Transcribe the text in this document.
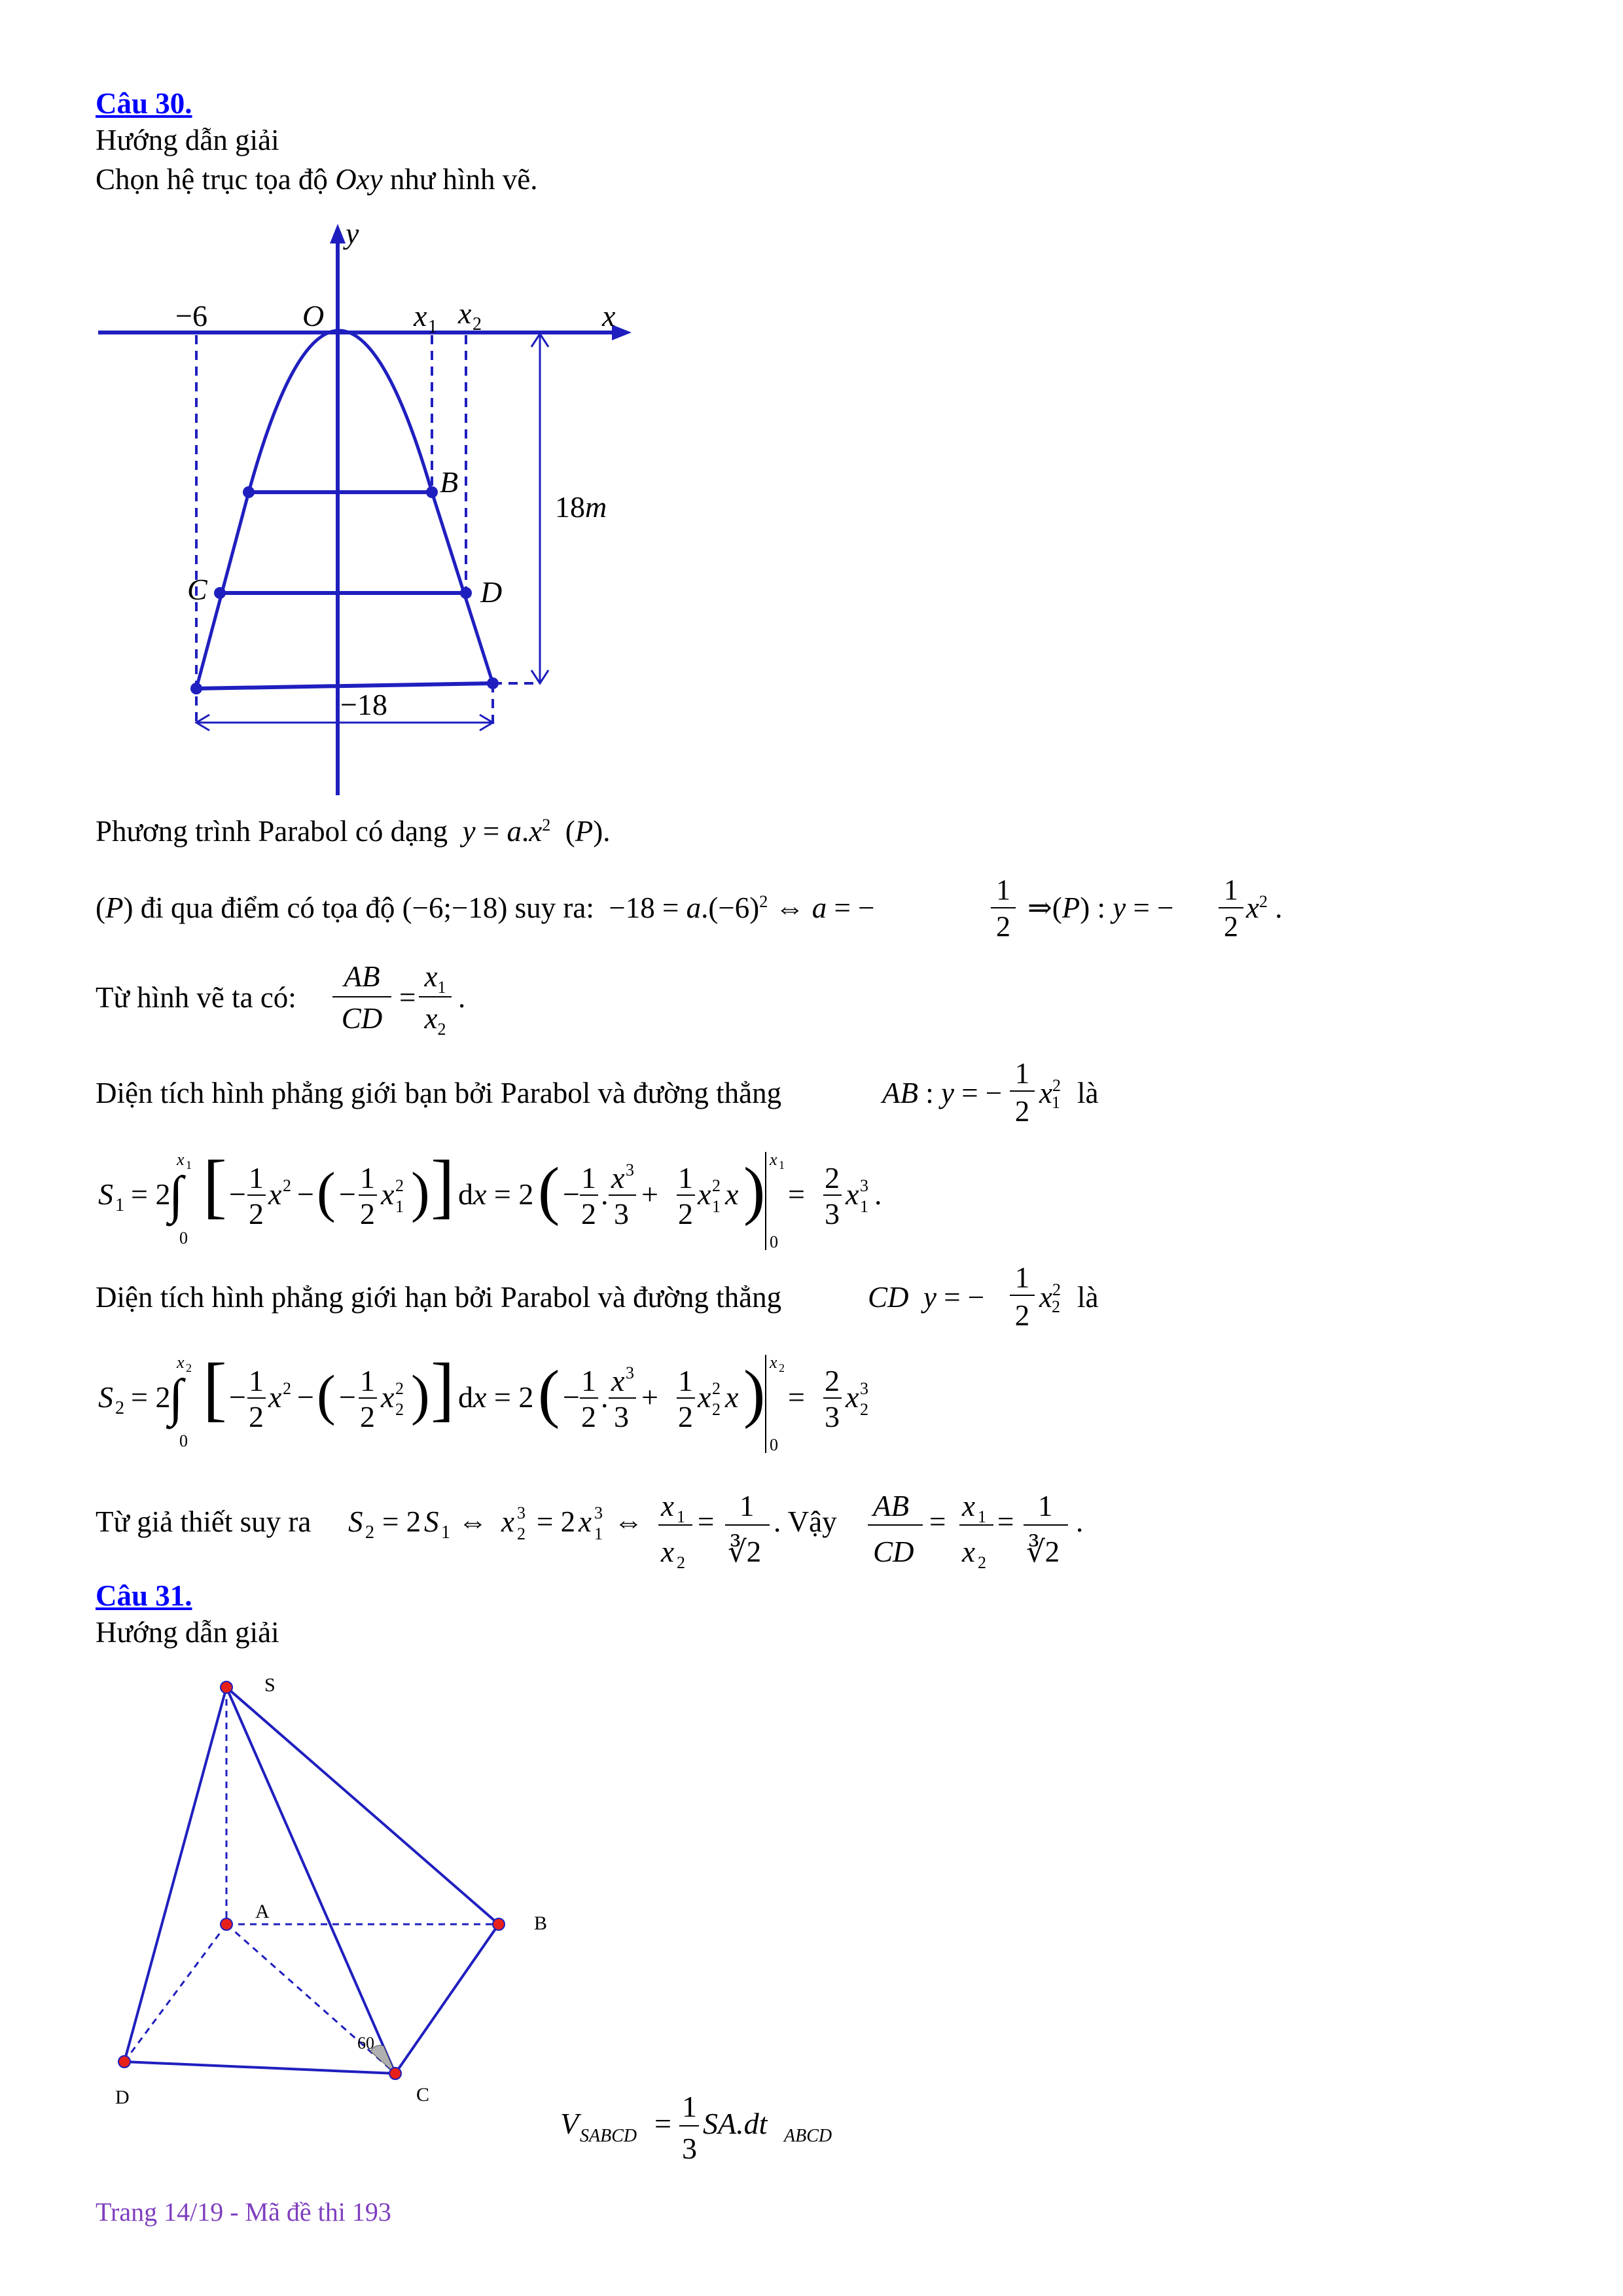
Câu 30.
Hướng dẫn giải
Chọn hệ trục tọa độ Oxy như hình vẽ.
y
x
O
−6	x 1 x 2
B
C	D
18m
−18
Phương trình Parabol có dạng $y = a.x^2$  (P).
(P) đi qua điểm có tọa độ (−6;−18) suy ra:  $-18 = a.(-6)^2$ ⇔ a = −
1
2
⇒(P) : y = −
1
2
$x^2$ .
Từ hình vẽ ta có:
AB
CD
=
$x_1$
$x_2$
.
Diện tích hình phẳng giới bạn bởi Parabol và đường thẳng	AB : y = −
1
2
$x^21$ là
S 1 = 2
∫
x 1
0
[ − 1
2
x 2 − ( − 1
2
x 2
1 ) ] dx = 2 ( − 1
2
. x 3
3
+ 1
2
x 2
1 x ) x 1
0
= 2
3
x 3
1 .
Diện tích hình phẳng giới hạn bởi Parabol và đường thẳng	CD y = −
1
2
$x^22$ là
S 2 = 2
∫
x 2
0
[ − 1
2
x 2 − ( − 1
2
x 2
2 ) ] dx = 2 ( − 1
2
. x 3
3
+ 1
2
x 2
2 x ) x 2
0
= 2
3
x 3
2
Từ giả thiết suy ra S 2 = 2 S 1 ⇔ x 3
2 = 2 x 3
1 ⇔ x 1
x 2
= 1
∛2
. Vậy AB
CD
= x 1
x 2
= 1
∛2
.
Câu 31.
Hướng dẫn giải
S
A
B
D	C
60
V SABCD =
1
3
SA.dt ABCD
Trang 14/19 - Mã đề thi 193
